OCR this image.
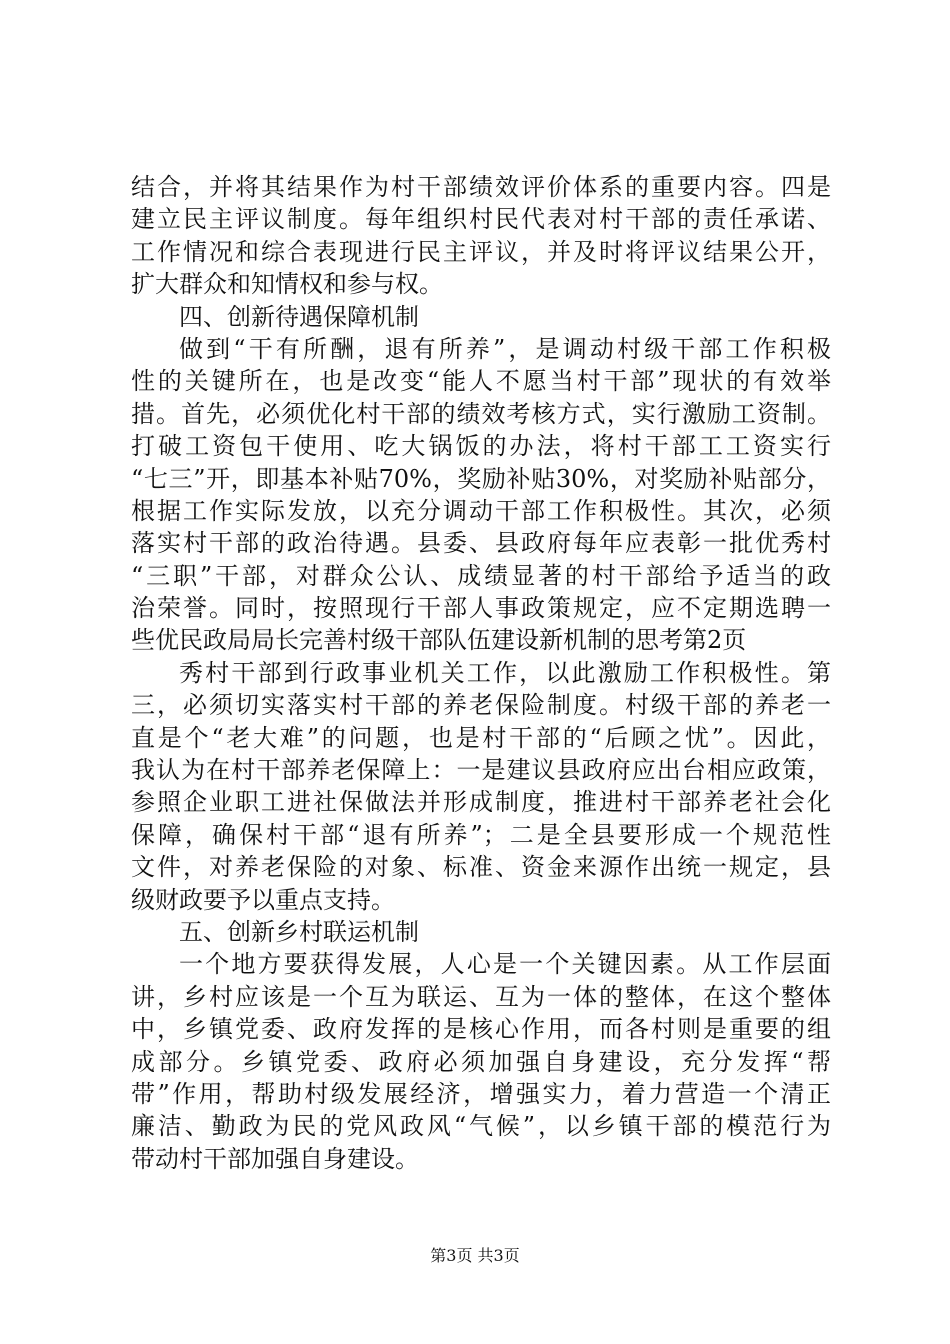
结合，并将其结果作为村干部绩效评价体系的重要内容。四是
建立民主评议制度。每年组织村民代表对村干部的责任承诺、
工作情况和综合表现进行民主评议，并及时将评议结果公开，
扩大群众和知情权和参与权。
四、创新待遇保障机制
做到“干有所酬，退有所养”，是调动村级干部工作积极
性的关键所在，也是改变“能人不愿当村干部”现状的有效举
措。首先，必须优化村干部的绩效考核方式，实行激励工资制。
打破工资包干使用、吃大锅饭的办法，将村干部工工资实行
“七三”开，即基本补贴70%，奖励补贴30%，对奖励补贴部分，
根据工作实际发放，以充分调动干部工作积极性。其次，必须
落实村干部的政治待遇。县委、县政府每年应表彰一批优秀村
“三职”干部，对群众公认、成绩显著的村干部给予适当的政
治荣誉。同时，按照现行干部人事政策规定，应不定期选聘一
些优民政局局长完善村级干部队伍建设新机制的思考第2页
秀村干部到行政事业机关工作，以此激励工作积极性。第
三，必须切实落实村干部的养老保险制度。村级干部的养老一
直是个“老大难”的问题，也是村干部的“后顾之忧”。因此，
我认为在村干部养老保障上：一是建议县政府应出台相应政策，
参照企业职工进社保做法并形成制度，推进村干部养老社会化
保障，确保村干部“退有所养”；二是全县要形成一个规范性
文件，对养老保险的对象、标准、资金来源作出统一规定，县
级财政要予以重点支持。
五、创新乡村联运机制
一个地方要获得发展，人心是一个关键因素。从工作层面
讲，乡村应该是一个互为联运、互为一体的整体，在这个整体
中，乡镇党委、政府发挥的是核心作用，而各村则是重要的组
成部分。乡镇党委、政府必须加强自身建设，充分发挥“帮
带”作用，帮助村级发展经济，增强实力，着力营造一个清正
廉洁、勤政为民的党风政风“气候”，以乡镇干部的模范行为
带动村干部加强自身建设。
第3页 共3页
